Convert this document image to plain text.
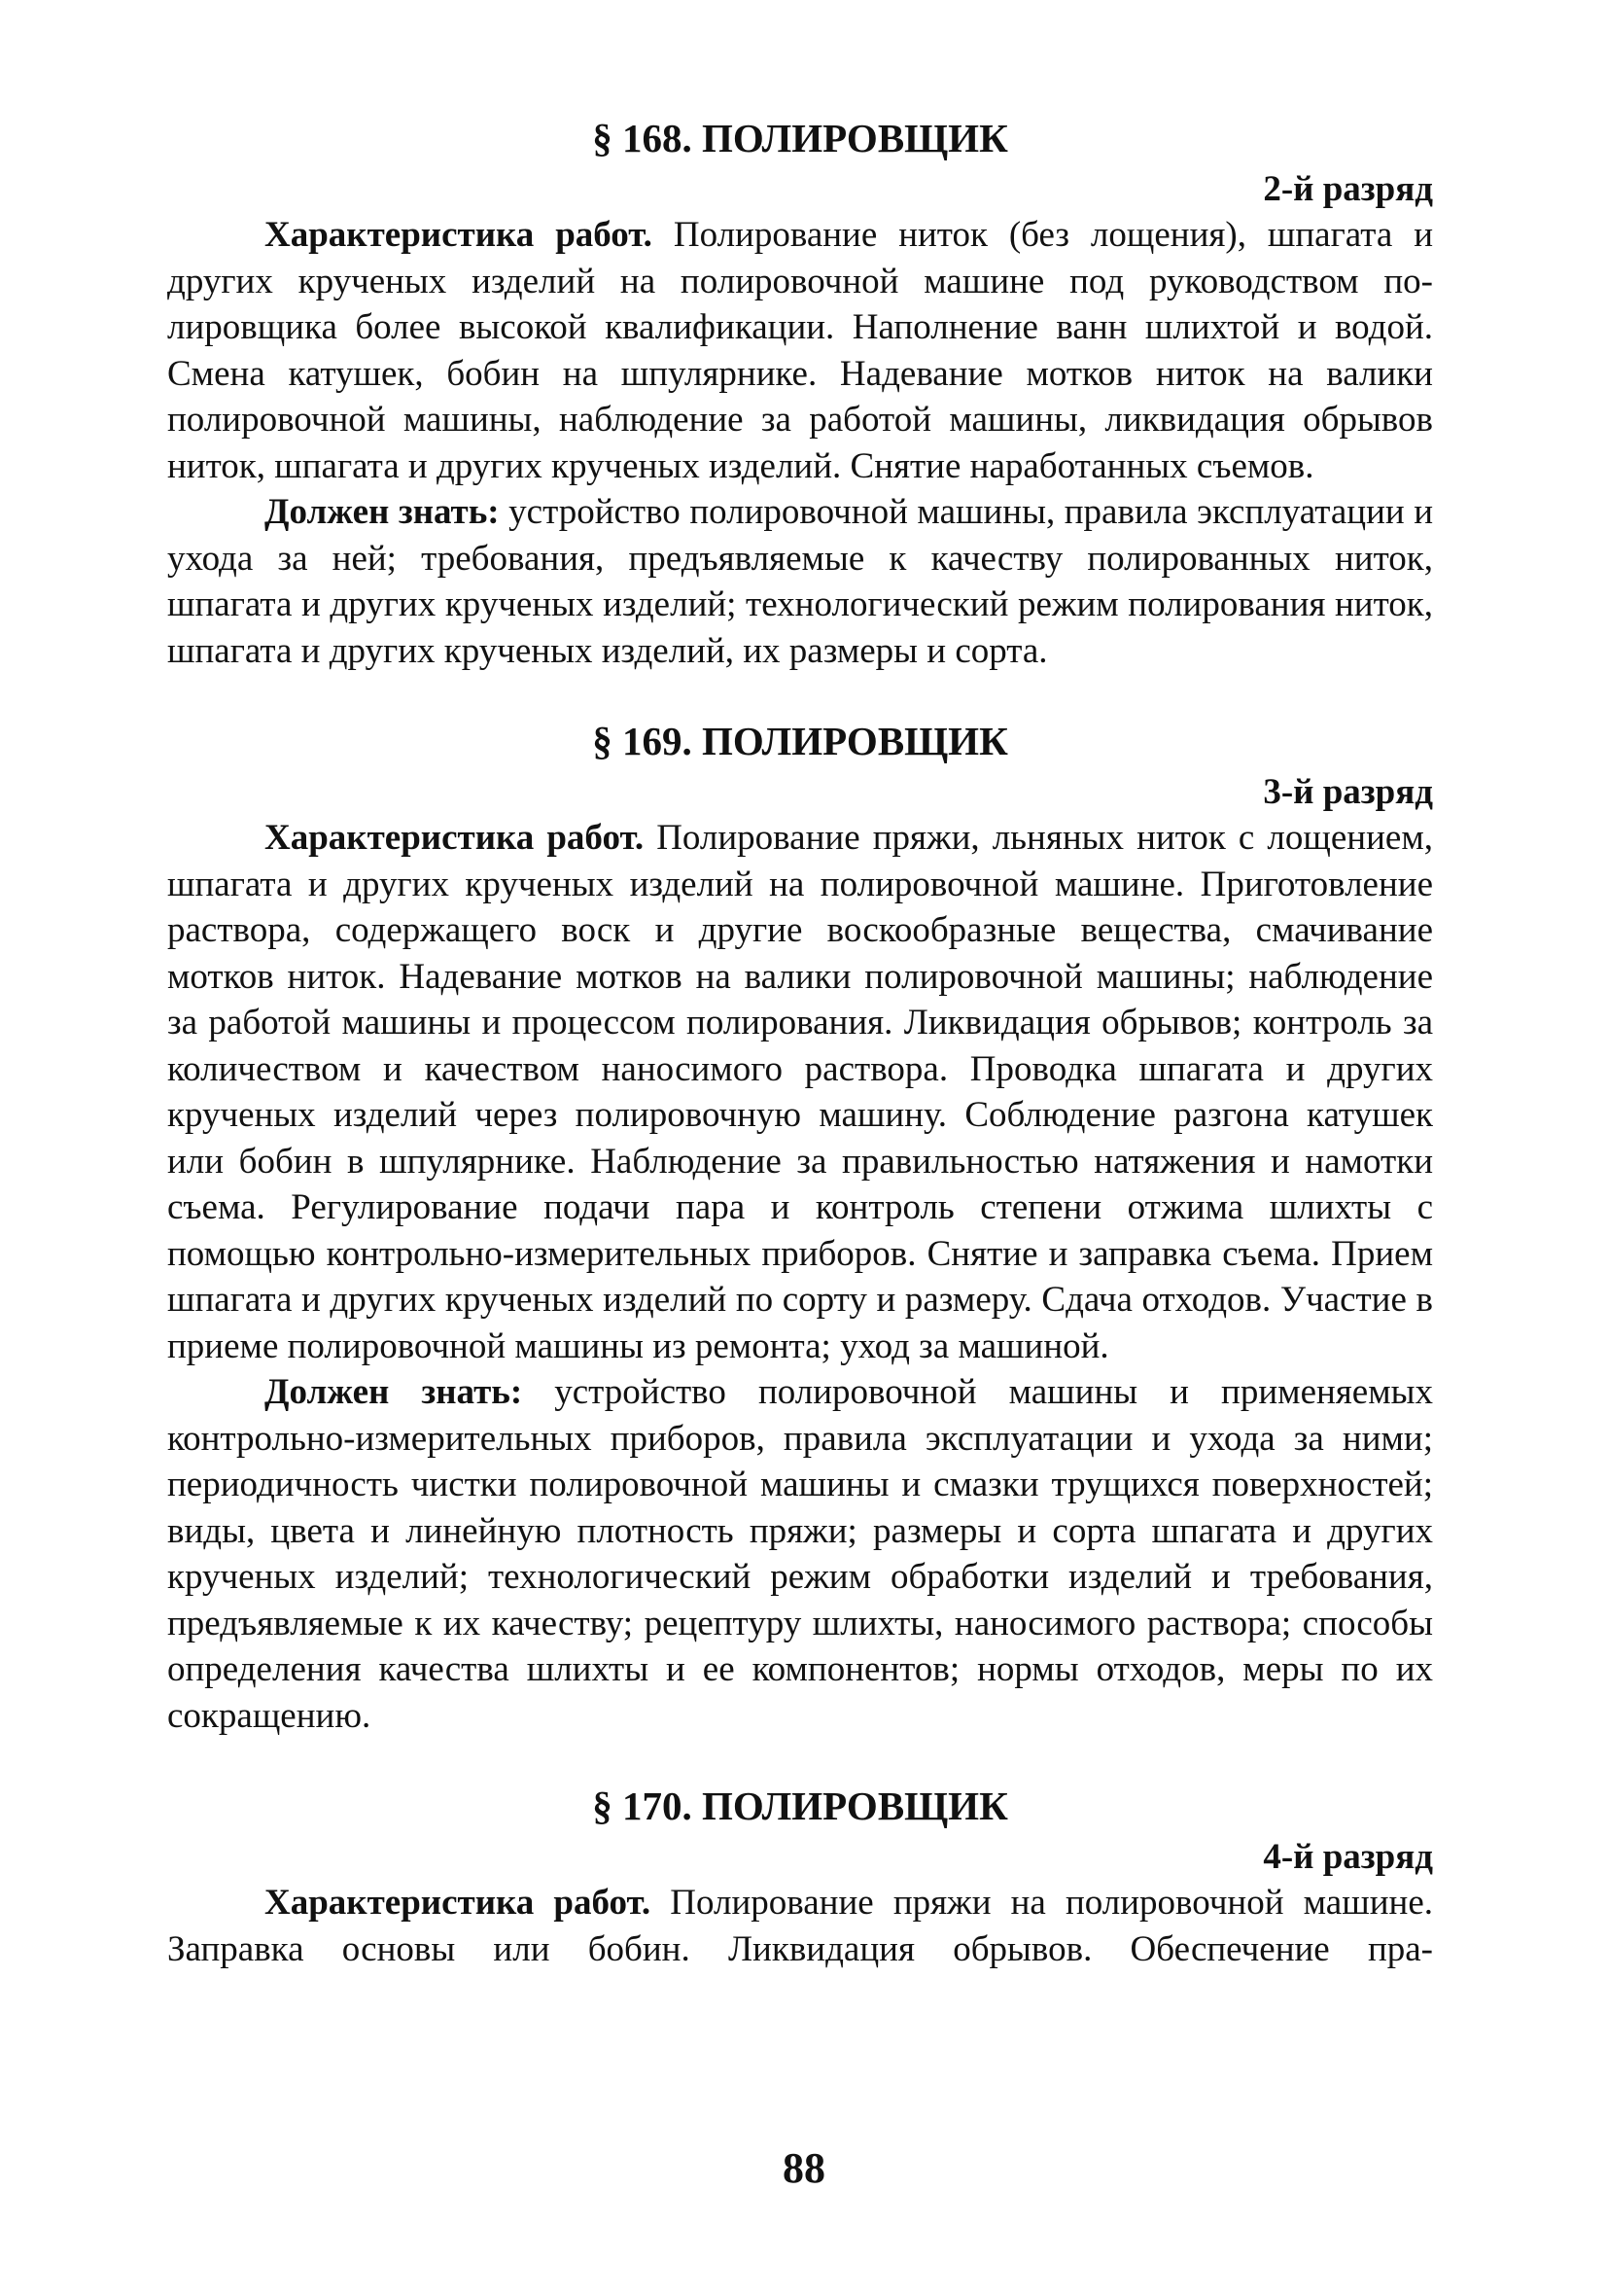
§ 168. ПОЛИРОВЩИК
2-й разряд

Характеристика работ. Полирование ниток (без лощения), шпагата и других крученых изделий на полировочной машине под руководством полировщика более высокой квалификации. Наполнение ванн шлихтой и водой. Смена катушек, бобин на шпулярнике. Надевание мотков ниток на валики полировочной машины, наблюдение за работой машины, ликвидация обрывов ниток, шпагата и других крученых изделий. Снятие наработанных съемов.

Должен знать: устройство полировочной машины, правила эксплуатации и ухода за ней; требования, предъявляемые к качеству полированных ниток, шпагата и других крученых изделий; технологический режим полирования ниток, шпагата и других крученых изделий, их размеры и сорта.

§ 169. ПОЛИРОВЩИК
3-й разряд

Характеристика работ. Полирование пряжи, льняных ниток с лощением, шпагата и других крученых изделий на полировочной машине. Приготовление раствора, содержащего воск и другие воскообразные вещества, смачивание мотков ниток. Надевание мотков на валики полировочной машины; наблюдение за работой машины и процессом полирования. Ликвидация обрывов; контроль за количеством и качеством наносимого раствора. Проводка шпагата и других крученых изделий через полировочную машину. Соблюдение разгона катушек или бобин в шпулярнике. Наблюдение за правильностью натяжения и намотки съема. Регулирование подачи пара и контроль степени отжима шлихты с помощью контрольно-измерительных приборов. Снятие и заправка съема. Прием шпагата и других крученых изделий по сорту и размеру. Сдача отходов. Участие в приеме полировочной машины из ремонта; уход за машиной.

Должен знать: устройство полировочной машины и применяемых контрольно-измерительных приборов, правила эксплуатации и ухода за ними; периодичность чистки полировочной машины и смазки трущихся поверхностей; виды, цвета и линейную плотность пряжи; размеры и сорта шпагата и других крученых изделий; технологический режим обработки изделий и требования, предъявляемые к их качеству; рецептуру шлихты, наносимого раствора; способы определения качества шлихты и ее компонентов; нормы отходов, меры по их сокращению.

§ 170. ПОЛИРОВЩИК
4-й разряд

Характеристика работ. Полирование пряжи на полировочной машине. Заправка основы или бобин. Ликвидация обрывов. Обеспечение пра-

88
